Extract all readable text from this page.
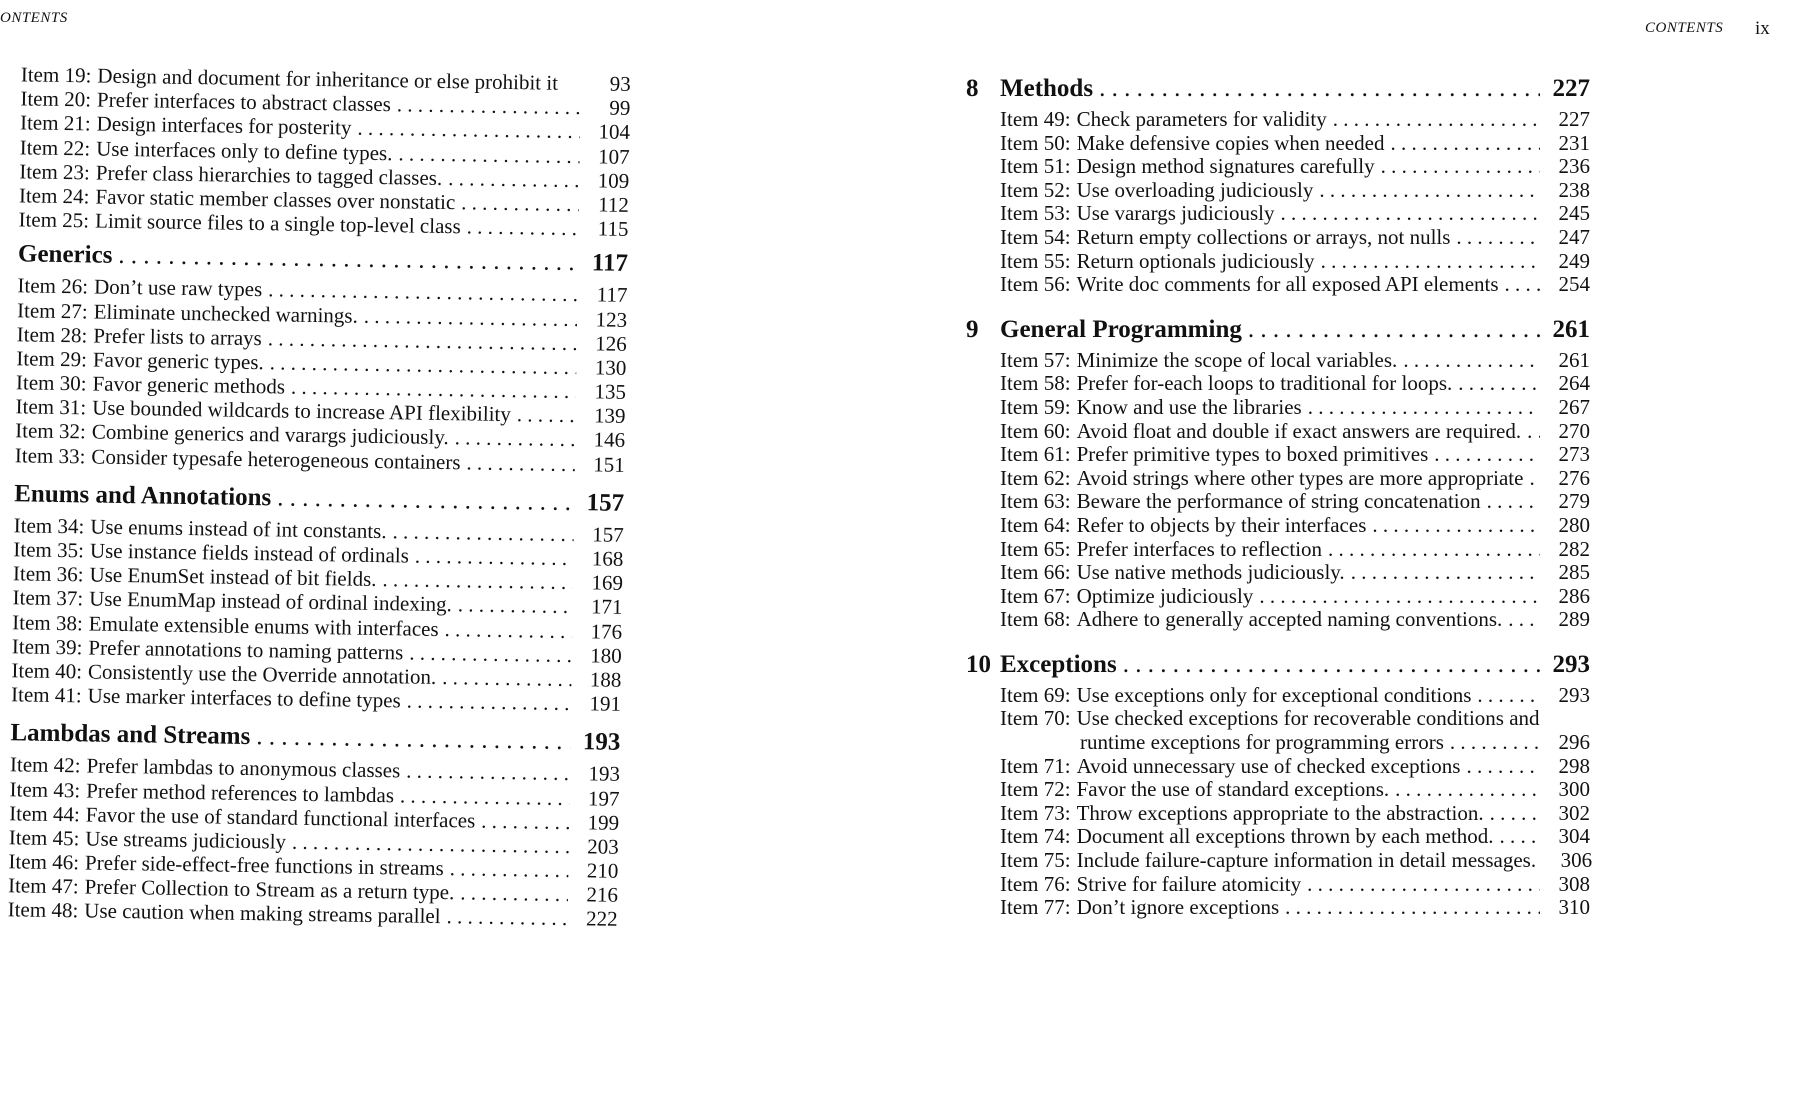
ONTENTS
Item 19: Design and document for inheritance or else prohibit it	93
Item 20: Prefer interfaces to abstract classes . . .	99
Item 21: Design interfaces for posterity . . .	104
Item 22: Use interfaces only to define types. . . .	107
Item 23: Prefer class hierarchies to tagged classes. . . .	109
Item 24: Favor static member classes over nonstatic . . .	112
Item 25: Limit source files to a single top-level class . . .	115
Generics . . .	117
Item 26: Don’t use raw types . . .	117
Item 27: Eliminate unchecked warnings. . . .	123
Item 28: Prefer lists to arrays . . .	126
Item 29: Favor generic types. . . .	130
Item 30: Favor generic methods . . .	135
Item 31: Use bounded wildcards to increase API flexibility . . .	139
Item 32: Combine generics and varargs judiciously. . . .	146
Item 33: Consider typesafe heterogeneous containers . . .	151
Enums and Annotations . . .	157
Item 34: Use enums instead of int constants. . . .	157
Item 35: Use instance fields instead of ordinals . . .	168
Item 36: Use EnumSet instead of bit fields. . . .	169
Item 37: Use EnumMap instead of ordinal indexing. . . .	171
Item 38: Emulate extensible enums with interfaces . . .	176
Item 39: Prefer annotations to naming patterns . . .	180
Item 40: Consistently use the Override annotation. . . .	188
Item 41: Use marker interfaces to define types . . .	191
Lambdas and Streams . . .	193
Item 42: Prefer lambdas to anonymous classes . . .	193
Item 43: Prefer method references to lambdas . . .	197
Item 44: Favor the use of standard functional interfaces . . .	199
Item 45: Use streams judiciously . . .	203
Item 46: Prefer side-effect-free functions in streams . . .	210
Item 47: Prefer Collection to Stream as a return type. . . .	216
Item 48: Use caution when making streams parallel . . .	222
CONTENTS ix
8 Methods . . .	227
Item 49: Check parameters for validity . . .	227
Item 50: Make defensive copies when needed . . .	231
Item 51: Design method signatures carefully . . .	236
Item 52: Use overloading judiciously . . .	238
Item 53: Use varargs judiciously . . .	245
Item 54: Return empty collections or arrays, not nulls . . .	247
Item 55: Return optionals judiciously . . .	249
Item 56: Write doc comments for all exposed API elements . . .	254
9 General Programming . . .	261
Item 57: Minimize the scope of local variables. . . .	261
Item 58: Prefer for-each loops to traditional for loops. . . .	264
Item 59: Know and use the libraries . . .	267
Item 60: Avoid float and double if exact answers are required. . . .	270
Item 61: Prefer primitive types to boxed primitives . . .	273
Item 62: Avoid strings where other types are more appropriate . . .	276
Item 63: Beware the performance of string concatenation . . .	279
Item 64: Refer to objects by their interfaces . . .	280
Item 65: Prefer interfaces to reflection . . .	282
Item 66: Use native methods judiciously. . . .	285
Item 67: Optimize judiciously . . .	286
Item 68: Adhere to generally accepted naming conventions. . . .	289
10 Exceptions . . .	293
Item 69: Use exceptions only for exceptional conditions . . .	293
Item 70: Use checked exceptions for recoverable conditions and
runtime exceptions for programming errors . . .	296
Item 71: Avoid unnecessary use of checked exceptions . . .	298
Item 72: Favor the use of standard exceptions. . . .	300
Item 73: Throw exceptions appropriate to the abstraction. . . .	302
Item 74: Document all exceptions thrown by each method. . . .	304
Item 75: Include failure-capture information in detail messages.	306
Item 76: Strive for failure atomicity . . .	308
Item 77: Don’t ignore exceptions . . .	310
